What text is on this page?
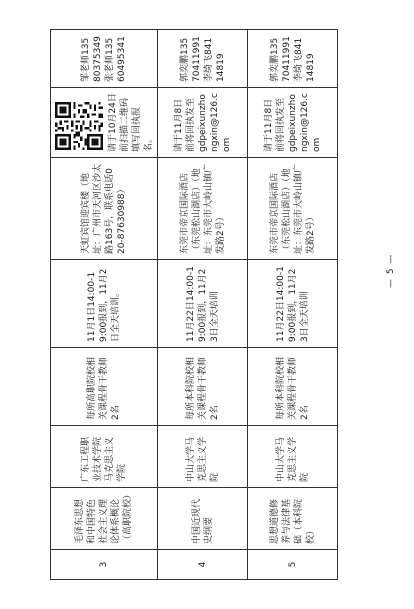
3	毛泽东思想和中国特色社会主义理论体系概论（高职院校）	广东工程职业技术学院马克思主义学院	每所高职院校相关课程骨干教师2名	11月1日14:00-19:00报到，11月2日全天培训。	天虹宾馆迎宾楼（地址：广州市天河区沙太路163号，联系电话020-87630988）	请于10月24日前扫描二维码填写回执报名。	邹老师13580375349张老师13560495341
4	中国近现代史纲要	中山大学马克思主义学院	每所本科院校相关课程骨干教师2名	11月22日14:00-19:00报到，11月23日全天培训	东莞市帝京国际酒店（东莞松山湖店）（地址：东莞市大岭山镇广发路2号）	请于11月8日前将回执发至gdpeixunzhongxin@126.com	郭奕鹏13570411991李绮飞84114819
5	思想道德修养与法律基础（本科院校）	中山大学马克思主义学院	每所本科院校相关课程骨干教师2名	11月22日14:00-19:00报到，11月23日全天培训	东莞市帝京国际酒店（东莞松山湖店）（地址：东莞市大岭山镇广发路2号）	请于11月8日前将回执发至gdpeixunzhongxin@126.com	郭奕鹏13570411991李绮飞84114819
— 5 —
